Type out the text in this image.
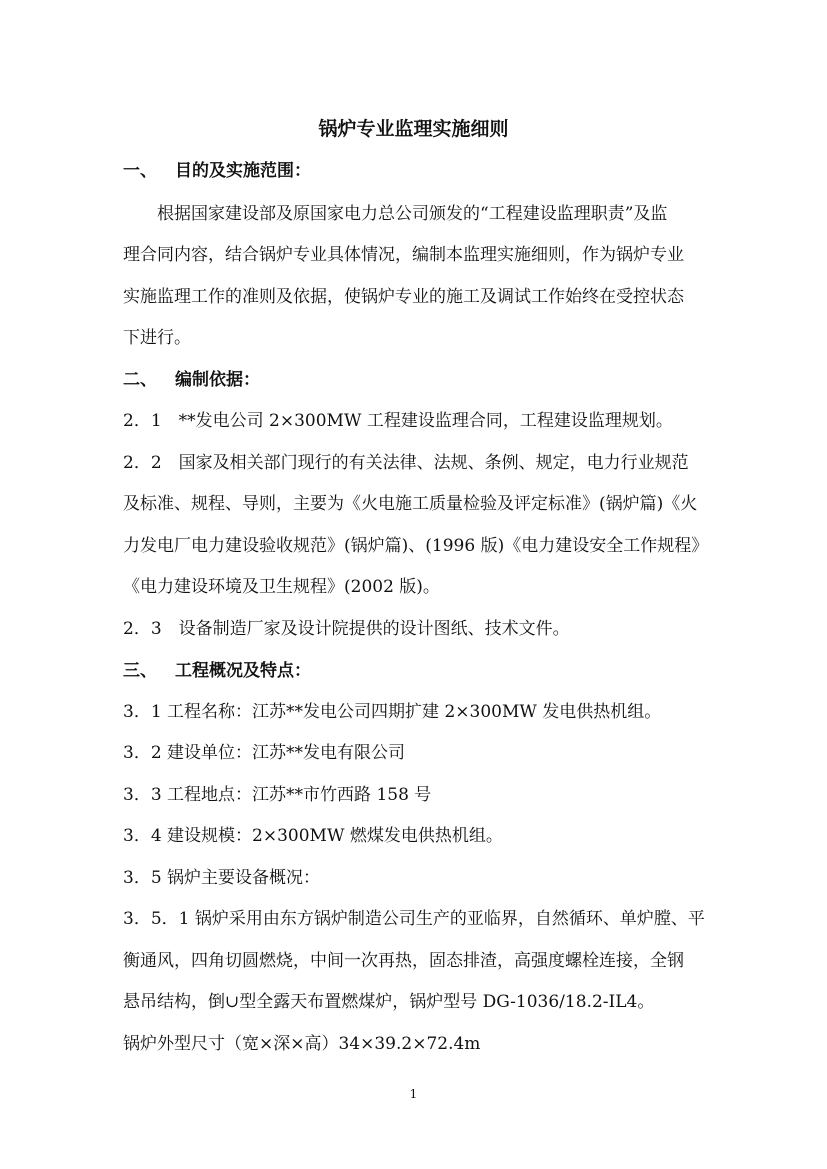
锅炉专业监理实施细则
一、 目的及实施范围：
　　根据国家建设部及原国家电力总公司颁发的“工程建设监理职责”及监
理合同内容，结合锅炉专业具体情况，编制本监理实施细则，作为锅炉专业
实施监理工作的准则及依据，使锅炉专业的施工及调试工作始终在受控状态
下进行。
二、 编制依据：
2．1　**发电公司 2×300MW 工程建设监理合同，工程建设监理规划。
2．2　国家及相关部门现行的有关法律、法规、条例、规定，电力行业规范
及标准、规程、导则，主要为《火电施工质量检验及评定标准》(锅炉篇)《火
力发电厂电力建设验收规范》(锅炉篇)、(1996 版)《电力建设安全工作规程》
《电力建设环境及卫生规程》(2002 版)。
2．3　设备制造厂家及设计院提供的设计图纸、技术文件。
三、 工程概况及特点：
3．1 工程名称：江苏**发电公司四期扩建 2×300MW 发电供热机组。
3．2 建设单位：江苏**发电有限公司
3．3 工程地点：江苏**市竹西路 158 号
3．4 建设规模：2×300MW 燃煤发电供热机组。
3．5 锅炉主要设备概况：
3．5．1 锅炉采用由东方锅炉制造公司生产的亚临界，自然循环、单炉膛、平
衡通风，四角切圆燃烧，中间一次再热，固态排渣，高强度螺栓连接，全钢
悬吊结构，倒∪型全露天布置燃煤炉，锅炉型号 DG-1036/18.2-IL4。
锅炉外型尺寸（宽×深×高）34×39.2×72.4m
1
